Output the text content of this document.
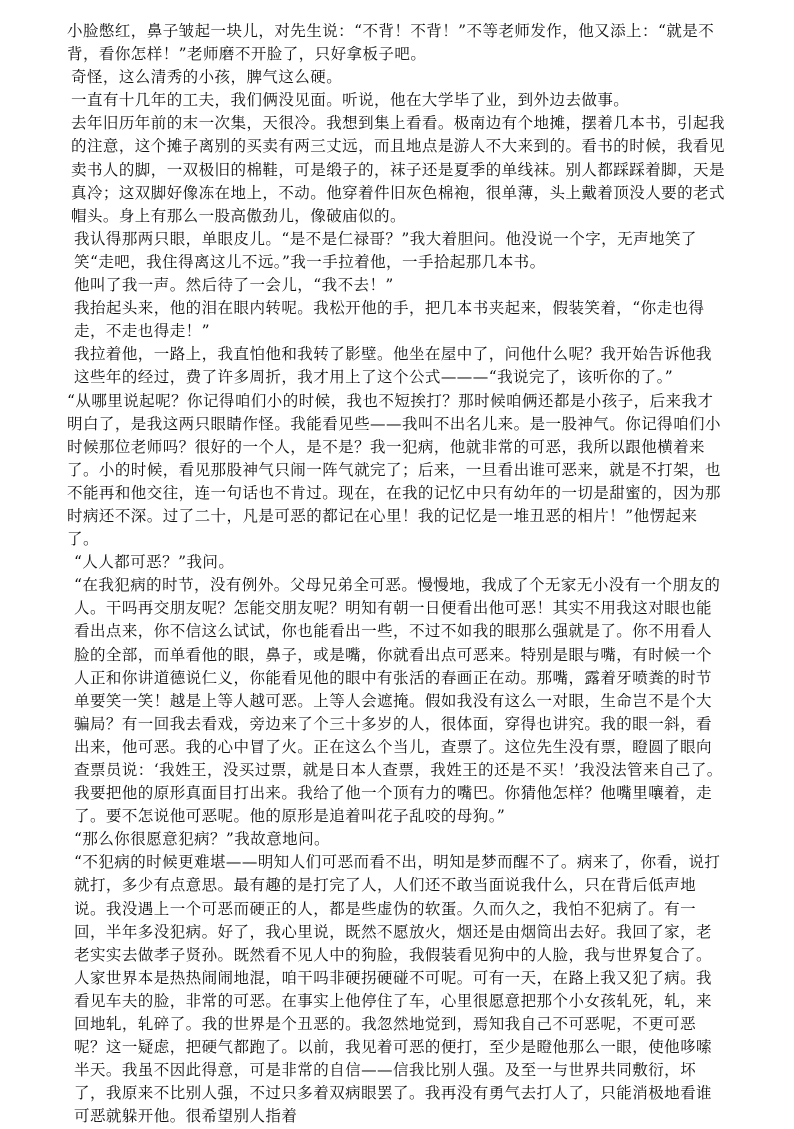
小脸憋红，鼻子皱起一块儿，对先生说：“不背！不背！”不等老师发作，他又添上：“就是不背，看你怎样！”老师磨不开脸了，只好拿板子吧。

奇怪，这么清秀的小孩，脾气这么硬。

一直有十几年的工夫，我们俩没见面。听说，他在大学毕了业，到外边去做事。

去年旧历年前的末一次集，天很冷。我想到集上看看。极南边有个地摊，摆着几本书，引起我的注意，这个摊子离别的买卖有两三丈远，而且地点是游人不大来到的。看书的时候，我看见卖书人的脚，一双极旧的棉鞋，可是缎子的，袜子还是夏季的单线袜。别人都踩踩着脚，天是真冷；这双脚好像冻在地上，不动。他穿着件旧灰色棉袍，很单薄，头上戴着顶没人要的老式帽头。身上有那么一股高傲劲儿，像破庙似的。

我认得那两只眼，单眼皮儿。“是不是仁禄哥？”我大着胆问。他没说一个字，无声地笑了笑“走吧，我住得离这儿不远。”我一手拉着他，一手拾起那几本书。

他叫了我一声。然后待了一会儿，“我不去！”

我抬起头来，他的泪在眼内转呢。我松开他的手，把几本书夹起来，假装笑着，“你走也得走，不走也得走！”

我拉着他，一路上，我直怕他和我转了影壁。他坐在屋中了，问他什么呢？我开始告诉他我这些年的经过，费了许多周折，我才用上了这个公式———“我说完了，该听你的了。”

“从哪里说起呢？你记得咱们小的时候，我也不短挨打？那时候咱俩还都是小孩子，后来我才明白了，是我这两只眼睛作怪。我能看见些——我叫不出名儿来。是一股神气。你记得咱们小时候那位老师吗？很好的一个人，是不是？我一犯病，他就非常的可恶，我所以跟他横着来了。小的时候，看见那股神气只闹一阵气就完了；后来，一旦看出谁可恶来，就是不打架，也不能再和他交往，连一句话也不肯过。现在，在我的记忆中只有幼年的一切是甜蜜的，因为那时病还不深。过了二十，凡是可恶的都记在心里！我的记忆是一堆丑恶的相片！”他愣起来了。

“人人都可恶？”我问。

“在我犯病的时节，没有例外。父母兄弟全可恶。慢慢地，我成了个无家无小没有一个朋友的人。干吗再交朋友呢？怎能交朋友呢？明知有朝一日便看出他可恶！其实不用我这对眼也能看出点来，你不信这么试试，你也能看出一些，不过不如我的眼那么强就是了。你不用看人脸的全部，而单看他的眼，鼻子，或是嘴，你就看出点可恶来。特别是眼与嘴，有时候一个人正和你讲道德说仁义，你能看见他的眼中有张活的春画正在动。那嘴，露着牙喷粪的时节单要笑一笑！越是上等人越可恶。上等人会遮掩。假如我没有这么一对眼，生命岂不是个大骗局？有一回我去看戏，旁边来了个三十多岁的人，很体面，穿得也讲究。我的眼一斜，看出来，他可恶。我的心中冒了火。正在这么个当儿，查票了。这位先生没有票，瞪圆了眼向查票员说：‘我姓王，没买过票，就是日本人查票，我姓王的还是不买！’我没法管来自己了。我要把他的原形真面目打出来。我给了他一个顶有力的嘴巴。你猜他怎样？他嘴里嚷着，走了。要不怎说他可恶呢。他的原形是追着叫花子乱咬的母狗。”

“那么你很愿意犯病？”我故意地问。

“不犯病的时候更难堪——明知人们可恶而看不出，明知是梦而醒不了。病来了，你看，说打就打，多少有点意思。最有趣的是打完了人，人们还不敢当面说我什么，只在背后低声地说。我没遇上一个可恶而硬正的人，都是些虚伪的软蛋。久而久之，我怕不犯病了。有一回，半年多没犯病。好了，我心里说，既然不愿放火，烟还是由烟筒出去好。我回了家，老老实实去做孝子贤孙。既然看不见人中的狗脸，我假装看见狗中的人脸，我与世界复合了。人家世界本是热热闹闹地混，咱干吗非硬拐硬碰不可呢。可有一天，在路上我又犯了病。我看见车夫的脸，非常的可恶。在事实上他停住了车，心里很愿意把那个小女孩轧死，轧，来回地轧，轧碎了。我的世界是个丑恶的。我忽然地觉到，焉知我自己不可恶呢，不更可恶呢？这一疑虑，把硬气都跑了。以前，我见着可恶的便打，至少是瞪他那么一眼，使他哆嗦半天。我虽不因此得意，可是非常的自信——信我比别人强。及至一与世界共同敷衍，坏了，我原来不比别人强，不过只多着双病眼罢了。我再没有勇气去打人了，只能消极地看谁可恶就躲开他。很希望别人指着
